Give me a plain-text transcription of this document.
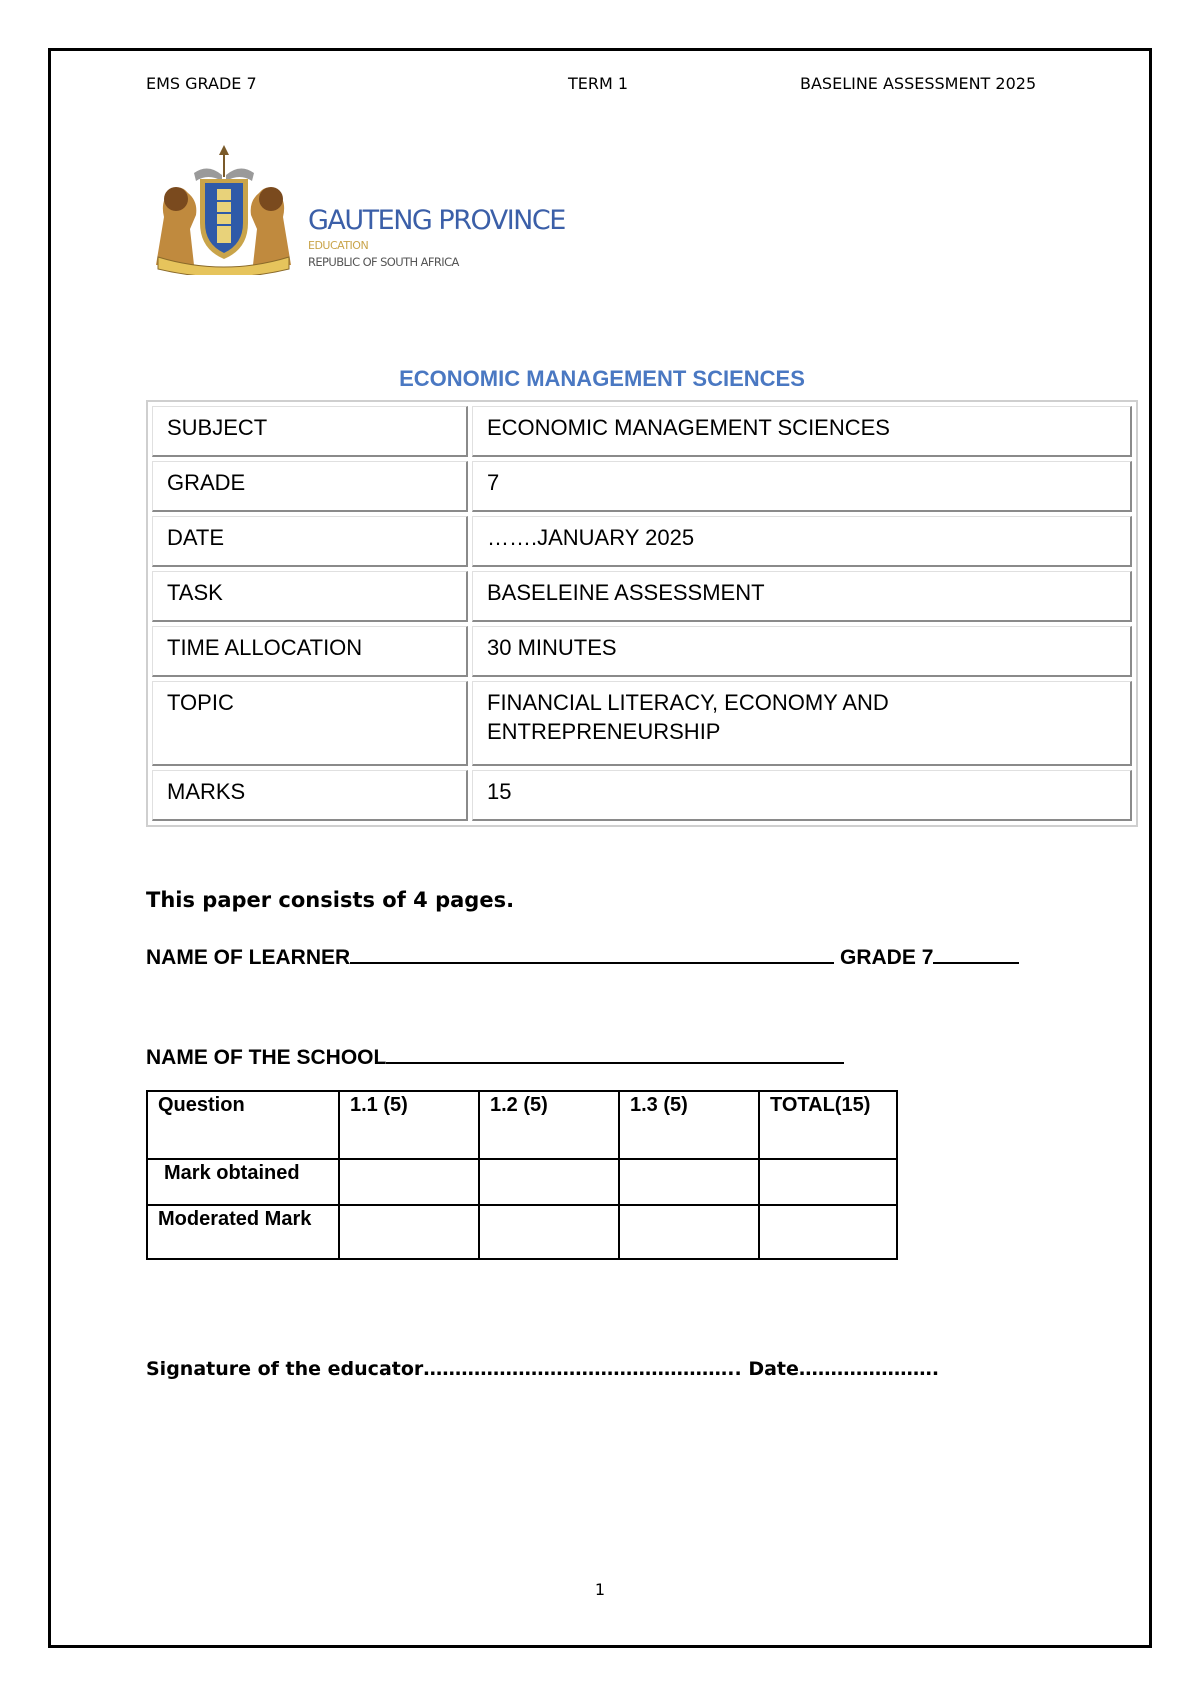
EMS GRADE 7	TERM 1	BASELINE ASSESSMENT 2025
GAUTENG PROVINCE
EDUCATION
REPUBLIC OF SOUTH AFRICA
ECONOMIC MANAGEMENT SCIENCES
SUBJECT	ECONOMIC MANAGEMENT SCIENCES
GRADE	7
DATE	…….JANUARY 2025
TASK	BASELEINE ASSESSMENT
TIME ALLOCATION	30 MINUTES
TOPIC	FINANCIAL LITERACY, ECONOMY AND ENTREPRENEURSHIP
MARKS	15
This paper consists of 4 pages.
NAME OF LEARNER	GRADE 7
NAME OF THE SCHOOL
Question	1.1 (5)	1.2 (5)	1.3 (5)	TOTAL(15)
Mark obtained				
Moderated Mark				
Signature of the educator………………………………………….. Date………………….
1
